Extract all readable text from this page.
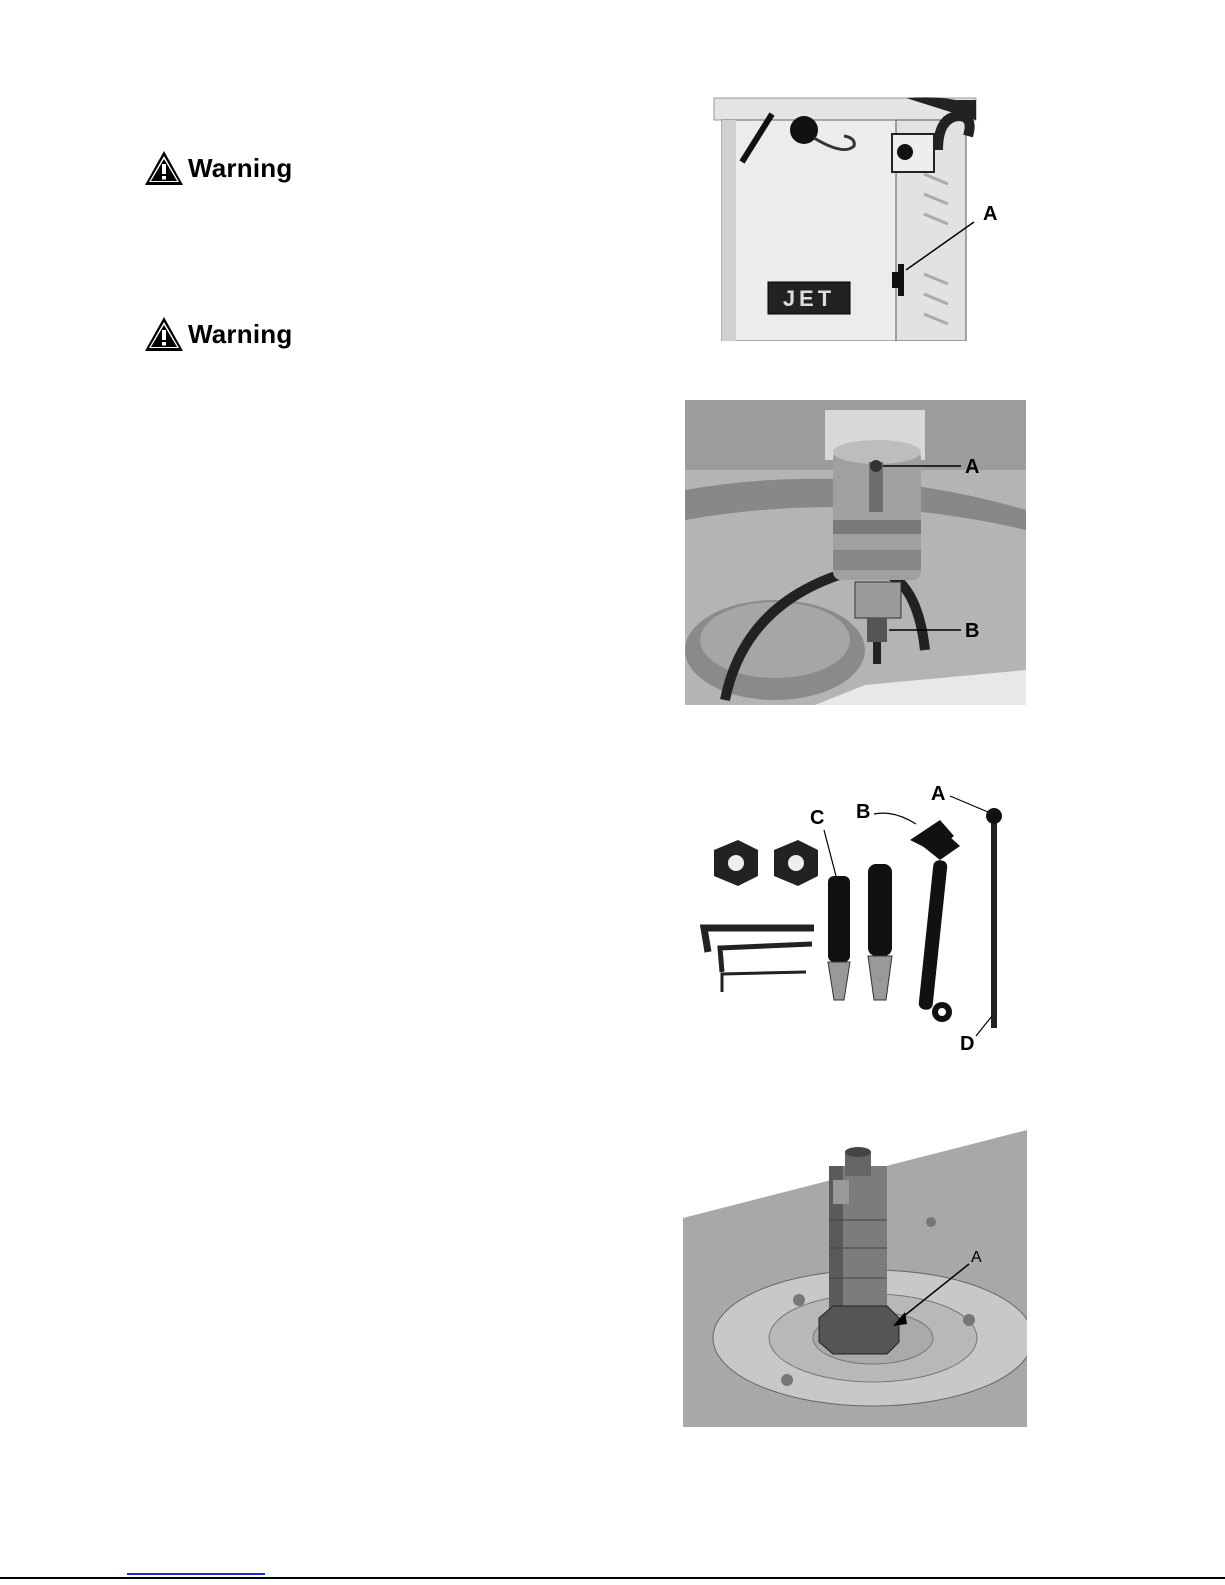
Warning
Warning
JET
A
A
B
C B
A
D
A
